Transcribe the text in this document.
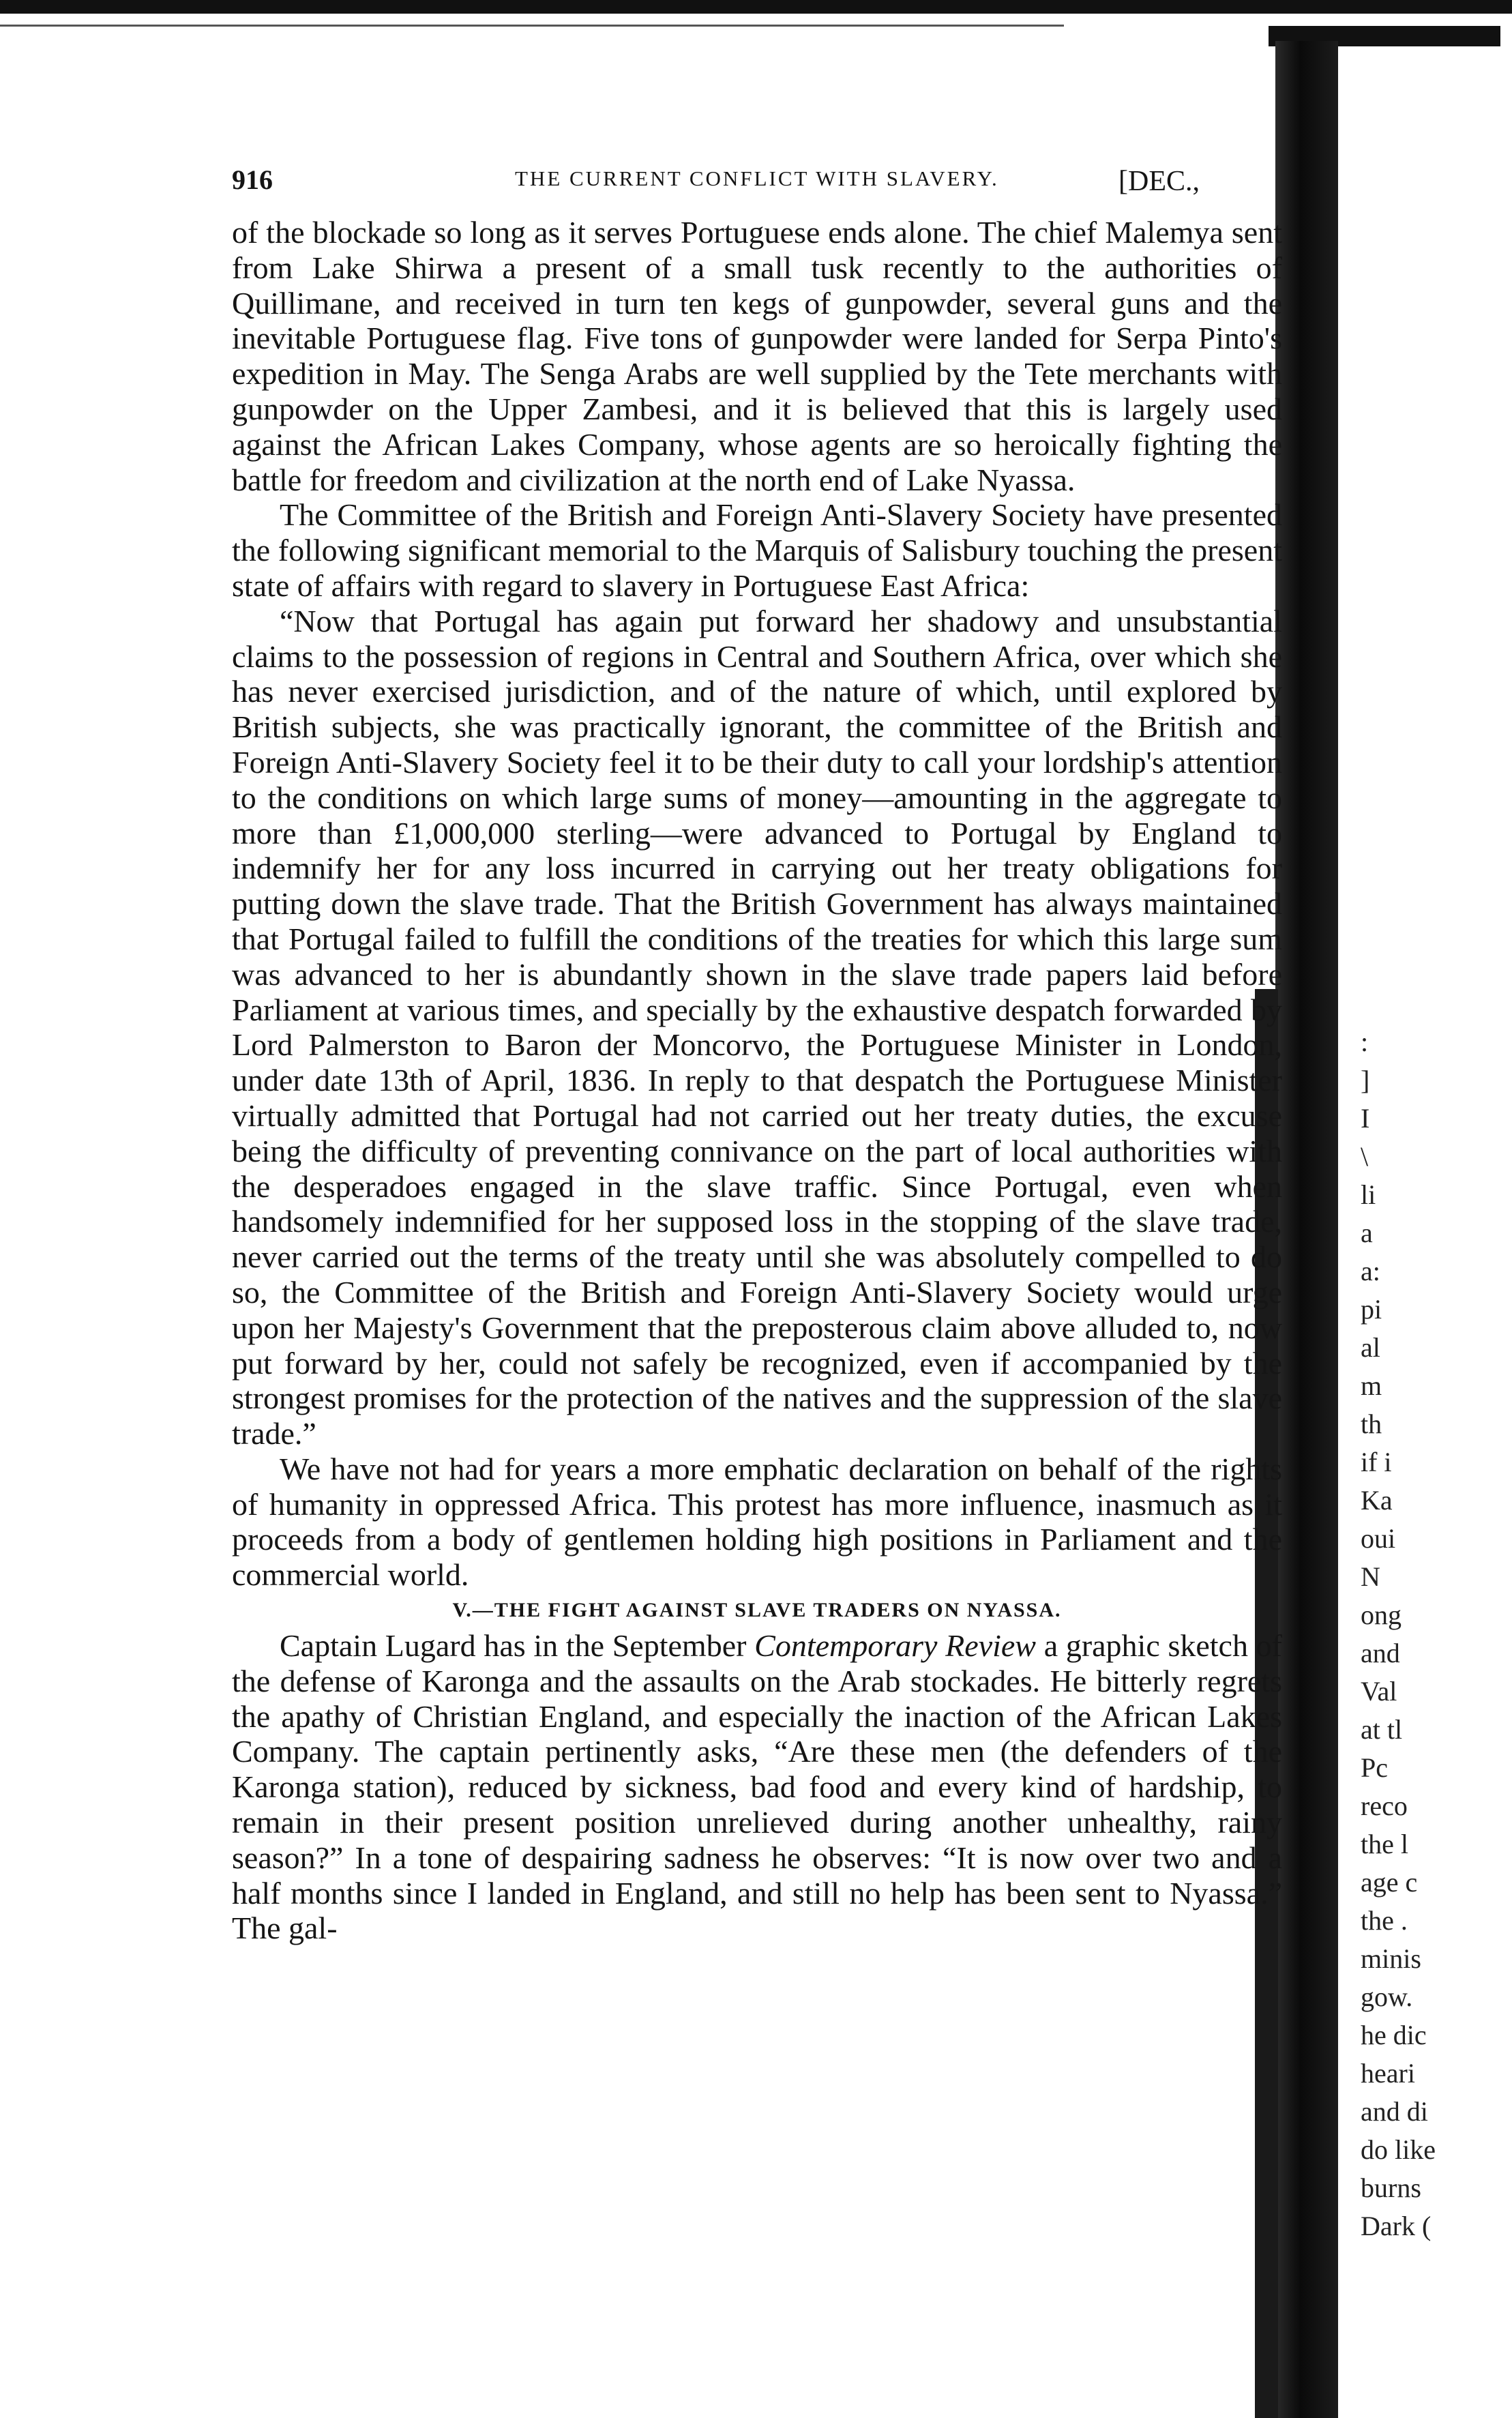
916	THE CURRENT CONFLICT WITH SLAVERY.	[DEC.,

of the blockade so long as it serves Portuguese ends alone. The chief Malemya sent from Lake Shirwa a present of a small tusk recently to the authorities of Quillimane, and received in turn ten kegs of gunpowder, several guns and the inevitable Portuguese flag. Five tons of gunpowder were landed for Serpa Pinto's expedition in May. The Senga Arabs are well supplied by the Tete merchants with gunpowder on the Upper Zambesi, and it is believed that this is largely used against the African Lakes Company, whose agents are so heroically fighting the battle for freedom and civilization at the north end of Lake Nyassa.

The Committee of the British and Foreign Anti-Slavery Society have presented the following significant memorial to the Marquis of Salisbury touching the present state of affairs with regard to slavery in Portuguese East Africa:

“Now that Portugal has again put forward her shadowy and unsubstantial claims to the possession of regions in Central and Southern Africa, over which she has never exercised jurisdiction, and of the nature of which, until explored by British subjects, she was practically ignorant, the committee of the British and Foreign Anti-Slavery Society feel it to be their duty to call your lordship's attention to the conditions on which large sums of money—amounting in the aggregate to more than £1,000,000 sterling—were advanced to Portugal by England to indemnify her for any loss incurred in carrying out her treaty obligations for putting down the slave trade. That the British Government has always maintained that Portugal failed to fulfill the conditions of the treaties for which this large sum was advanced to her is abundantly shown in the slave trade papers laid before Parliament at various times, and specially by the exhaustive despatch forwarded by Lord Palmerston to Baron der Moncorvo, the Portuguese Minister in London, under date 13th of April, 1836. In reply to that despatch the Portuguese Minister virtually admitted that Portugal had not carried out her treaty duties, the excuse being the difficulty of preventing connivance on the part of local authorities with the desperadoes engaged in the slave traffic. Since Portugal, even when handsomely indemnified for her supposed loss in the stopping of the slave trade, never carried out the terms of the treaty until she was absolutely compelled to do so, the Committee of the British and Foreign Anti-Slavery Society would urge upon her Majesty's Government that the preposterous claim above alluded to, now put forward by her, could not safely be recognized, even if accompanied by the strongest promises for the protection of the natives and the suppression of the slave trade.”

We have not had for years a more emphatic declaration on behalf of the rights of humanity in oppressed Africa. This protest has more influence, inasmuch as it proceeds from a body of gentlemen holding high positions in Parliament and the commercial world.

V.—THE FIGHT AGAINST SLAVE TRADERS ON NYASSA.

Captain Lugard has in the September Contemporary Review a graphic sketch of the defense of Karonga and the assaults on the Arab stockades. He bitterly regrets the apathy of Christian England, and especially the inaction of the African Lakes Company. The captain pertinently asks, “Are these men (the defenders of the Karonga station), reduced by sickness, bad food and every kind of hardship, to remain in their present position unrelieved during another unhealthy, rainy season?” In a tone of despairing sadness he observes: “It is now over two and a half months since I landed in England, and still no help has been sent to Nyassa.” The gal-

:
]
I
\
li
a
a:
pi
al
m
th
if i
Ka
oui
N
ong
and
Val
at tl
Pc
reco
the l
age c
the .
minis
gow.
he dic
heari
and di
do like
burns
Dark (
